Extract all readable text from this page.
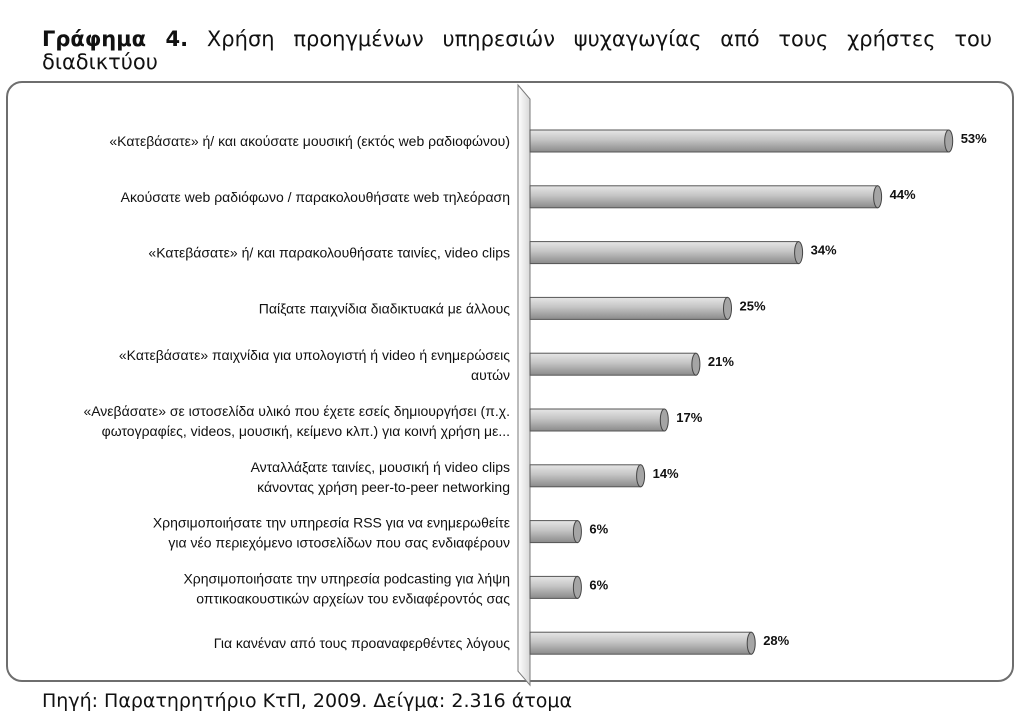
Γράφημα 4. Χρήση προηγμένων υπηρεσιών ψυχαγωγίας από τους χρήστες του διαδικτύου
53%
«Κατεβάσατε» ή/ και ακούσατε μουσική (εκτός web ραδιοφώνου)
44%
Ακούσατε web ραδιόφωνο / παρακολουθήσατε web τηλεόραση
34%
«Κατεβάσατε» ή/ και παρακολουθήσατε ταινίες, video clips
25%
Παίξατε παιχνίδια διαδικτυακά με άλλους
21%
«Κατεβάσατε» παιχνίδια για υπολογιστή ή video ή ενημερώσεις αυτών
17%
«Ανεβάσατε» σε ιστοσελίδα υλικό που έχετε εσείς δημιουργήσει (π.χ. φωτογραφίες, videos, μουσική, κείμενο κλπ.) για κοινή χρήση με...
14%
Ανταλλάξατε ταινίες, μουσική ή video clips κάνοντας χρήση peer-to-peer networking
6%
Χρησιμοποιήσατε την υπηρεσία RSS για να ενημερωθείτε για νέο περιεχόμενο ιστοσελίδων που σας ενδιαφέρουν
6%
Χρησιμοποιήσατε την υπηρεσία podcasting για λήψη οπτικοακουστικών αρχείων του ενδιαφέροντός σας
28%
Για κανέναν από τους προαναφερθέντες λόγους
Πηγή: Παρατηρητήριο ΚτΠ, 2009. Δείγμα: 2.316 άτομα
